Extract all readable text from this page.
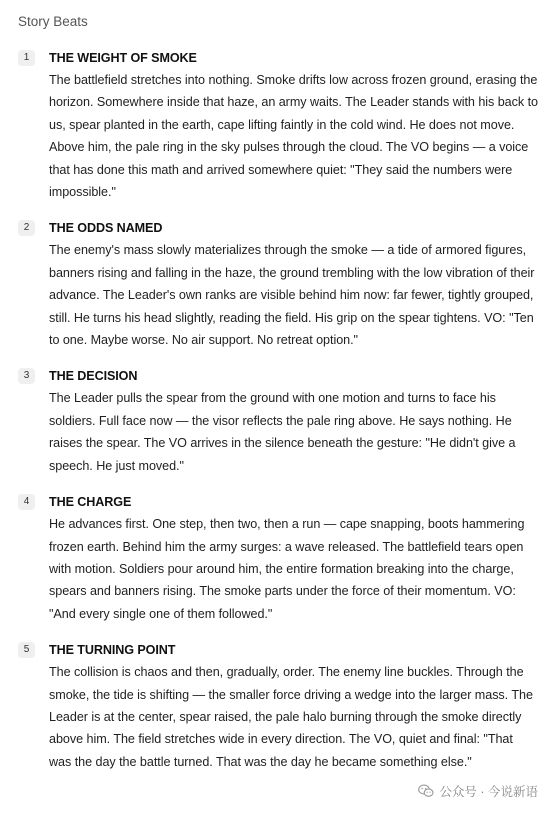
Story Beats
1	THE WEIGHT OF SMOKE

The battlefield stretches into nothing. Smoke drifts low across frozen ground, erasing the horizon. Somewhere inside that haze, an army waits. The Leader stands with his back to us, spear planted in the earth, cape lifting faintly in the cold wind. He does not move. Above him, the pale ring in the sky pulses through the cloud. The VO begins — a voice that has done this math and arrived somewhere quiet: "They said the numbers were impossible."

2	THE ODDS NAMED

The enemy's mass slowly materializes through the smoke — a tide of armored figures, banners rising and falling in the haze, the ground trembling with the low vibration of their advance. The Leader's own ranks are visible behind him now: far fewer, tightly grouped, still. He turns his head slightly, reading the field. His grip on the spear tightens. VO: "Ten to one. Maybe worse. No air support. No retreat option."

3	THE DECISION

The Leader pulls the spear from the ground with one motion and turns to face his soldiers. Full face now — the visor reflects the pale ring above. He says nothing. He raises the spear. The VO arrives in the silence beneath the gesture: "He didn't give a speech. He just moved."

4	THE CHARGE

He advances first. One step, then two, then a run — cape snapping, boots hammering frozen earth. Behind him the army surges: a wave released. The battlefield tears open with motion. Soldiers pour around him, the entire formation breaking into the charge, spears and banners rising. The smoke parts under the force of their momentum. VO: "And every single one of them followed."

5	THE TURNING POINT

The collision is chaos and then, gradually, order. The enemy line buckles. Through the smoke, the tide is shifting — the smaller force driving a wedge into the larger mass. The Leader is at the center, spear raised, the pale halo burning through the smoke directly above him. The field stretches wide in every direction. The VO, quiet and final: "That was the day the battle turned. That was the day he became something else."

公众号 · 今说新语
